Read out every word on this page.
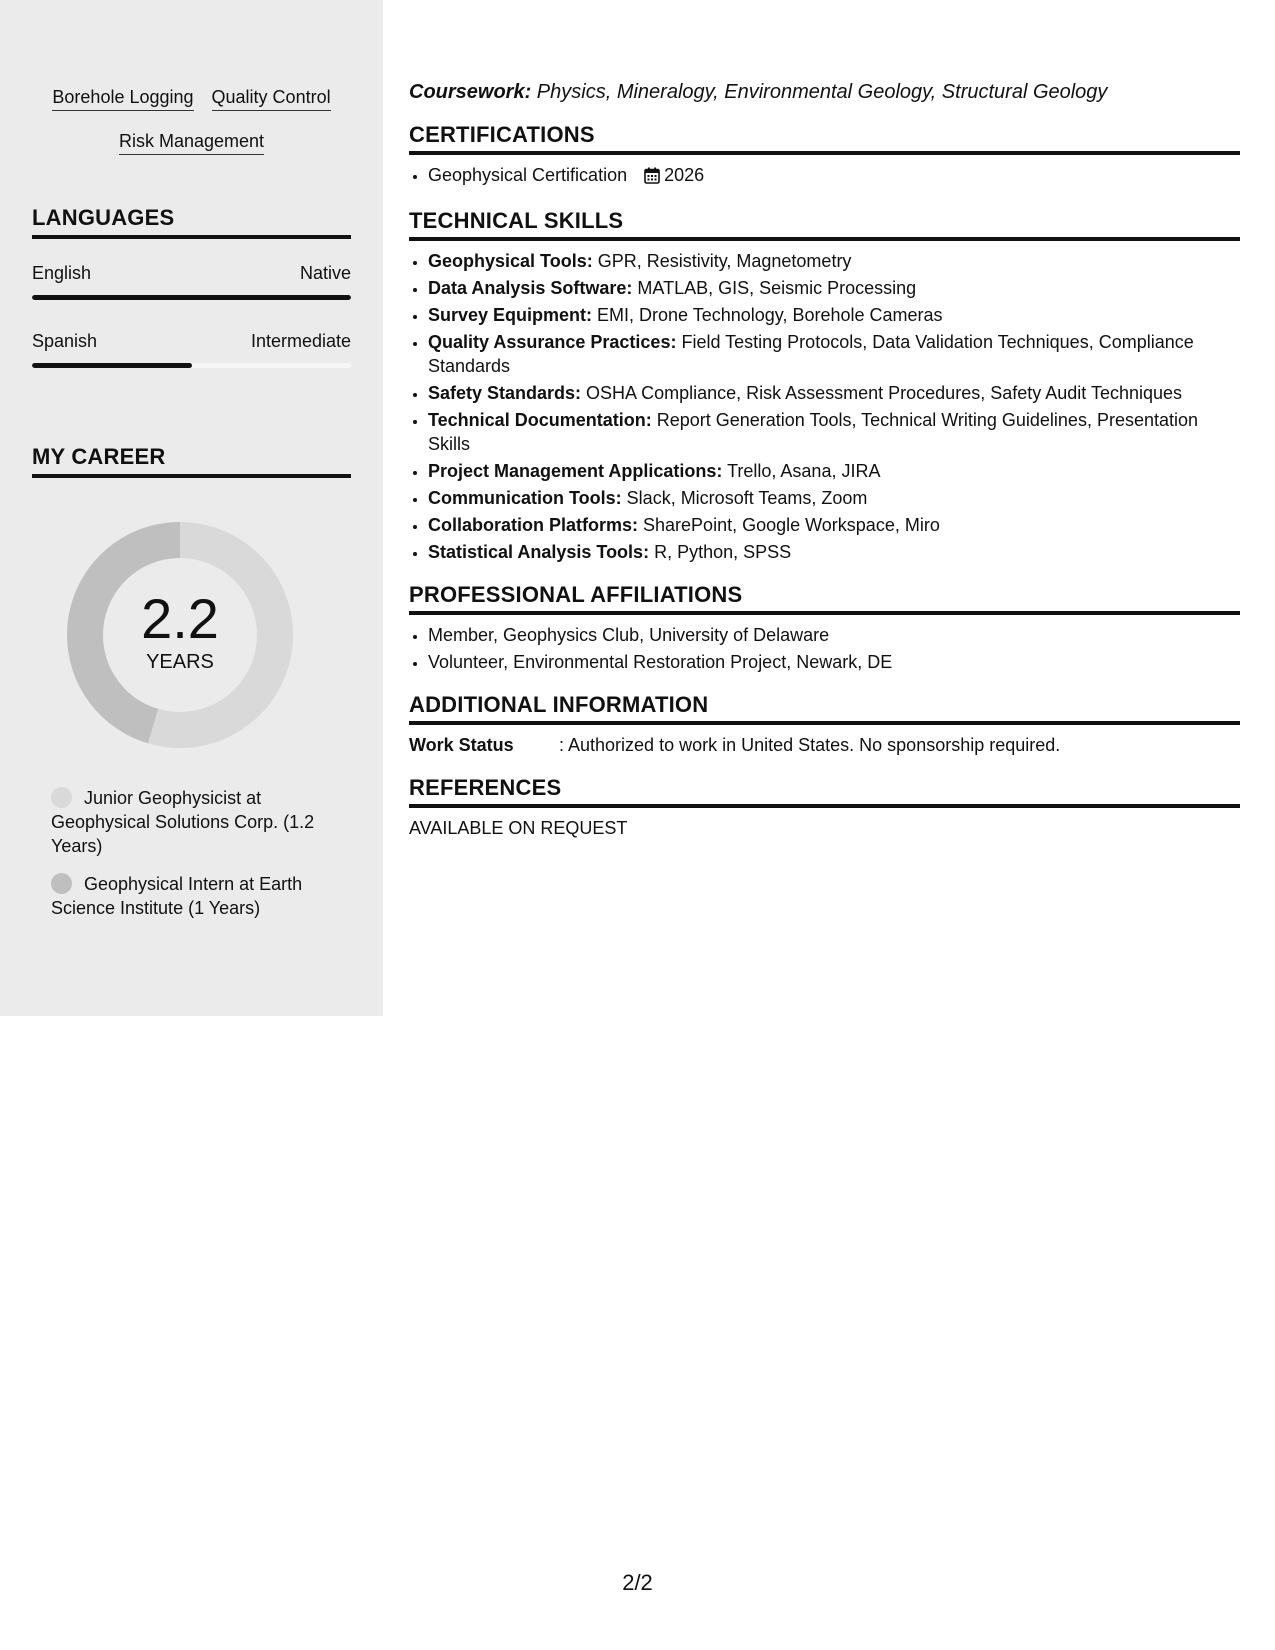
Borehole Logging Quality Control
Risk Management
LANGUAGES
English	Native
Spanish	Intermediate
MY CAREER
2.2
YEARS
Junior Geophysicist at Geophysical Solutions Corp. (1.2 Years)
Geophysical Intern at Earth Science Institute (1 Years)
Coursework: Physics, Mineralogy, Environmental Geology, Structural Geology
CERTIFICATIONS
• Geophysical Certification 2026
TECHNICAL SKILLS
• Geophysical Tools: GPR, Resistivity, Magnetometry
• Data Analysis Software: MATLAB, GIS, Seismic Processing
• Survey Equipment: EMI, Drone Technology, Borehole Cameras
• Quality Assurance Practices: Field Testing Protocols, Data Validation Techniques, Compliance Standards
• Safety Standards: OSHA Compliance, Risk Assessment Procedures, Safety Audit Techniques
• Technical Documentation: Report Generation Tools, Technical Writing Guidelines, Presentation Skills
• Project Management Applications: Trello, Asana, JIRA
• Communication Tools: Slack, Microsoft Teams, Zoom
• Collaboration Platforms: SharePoint, Google Workspace, Miro
• Statistical Analysis Tools: R, Python, SPSS
PROFESSIONAL AFFILIATIONS
• Member, Geophysics Club, University of Delaware
• Volunteer, Environmental Restoration Project, Newark, DE
ADDITIONAL INFORMATION
Work Status	: Authorized to work in United States. No sponsorship required.
REFERENCES
AVAILABLE ON REQUEST
2/2
